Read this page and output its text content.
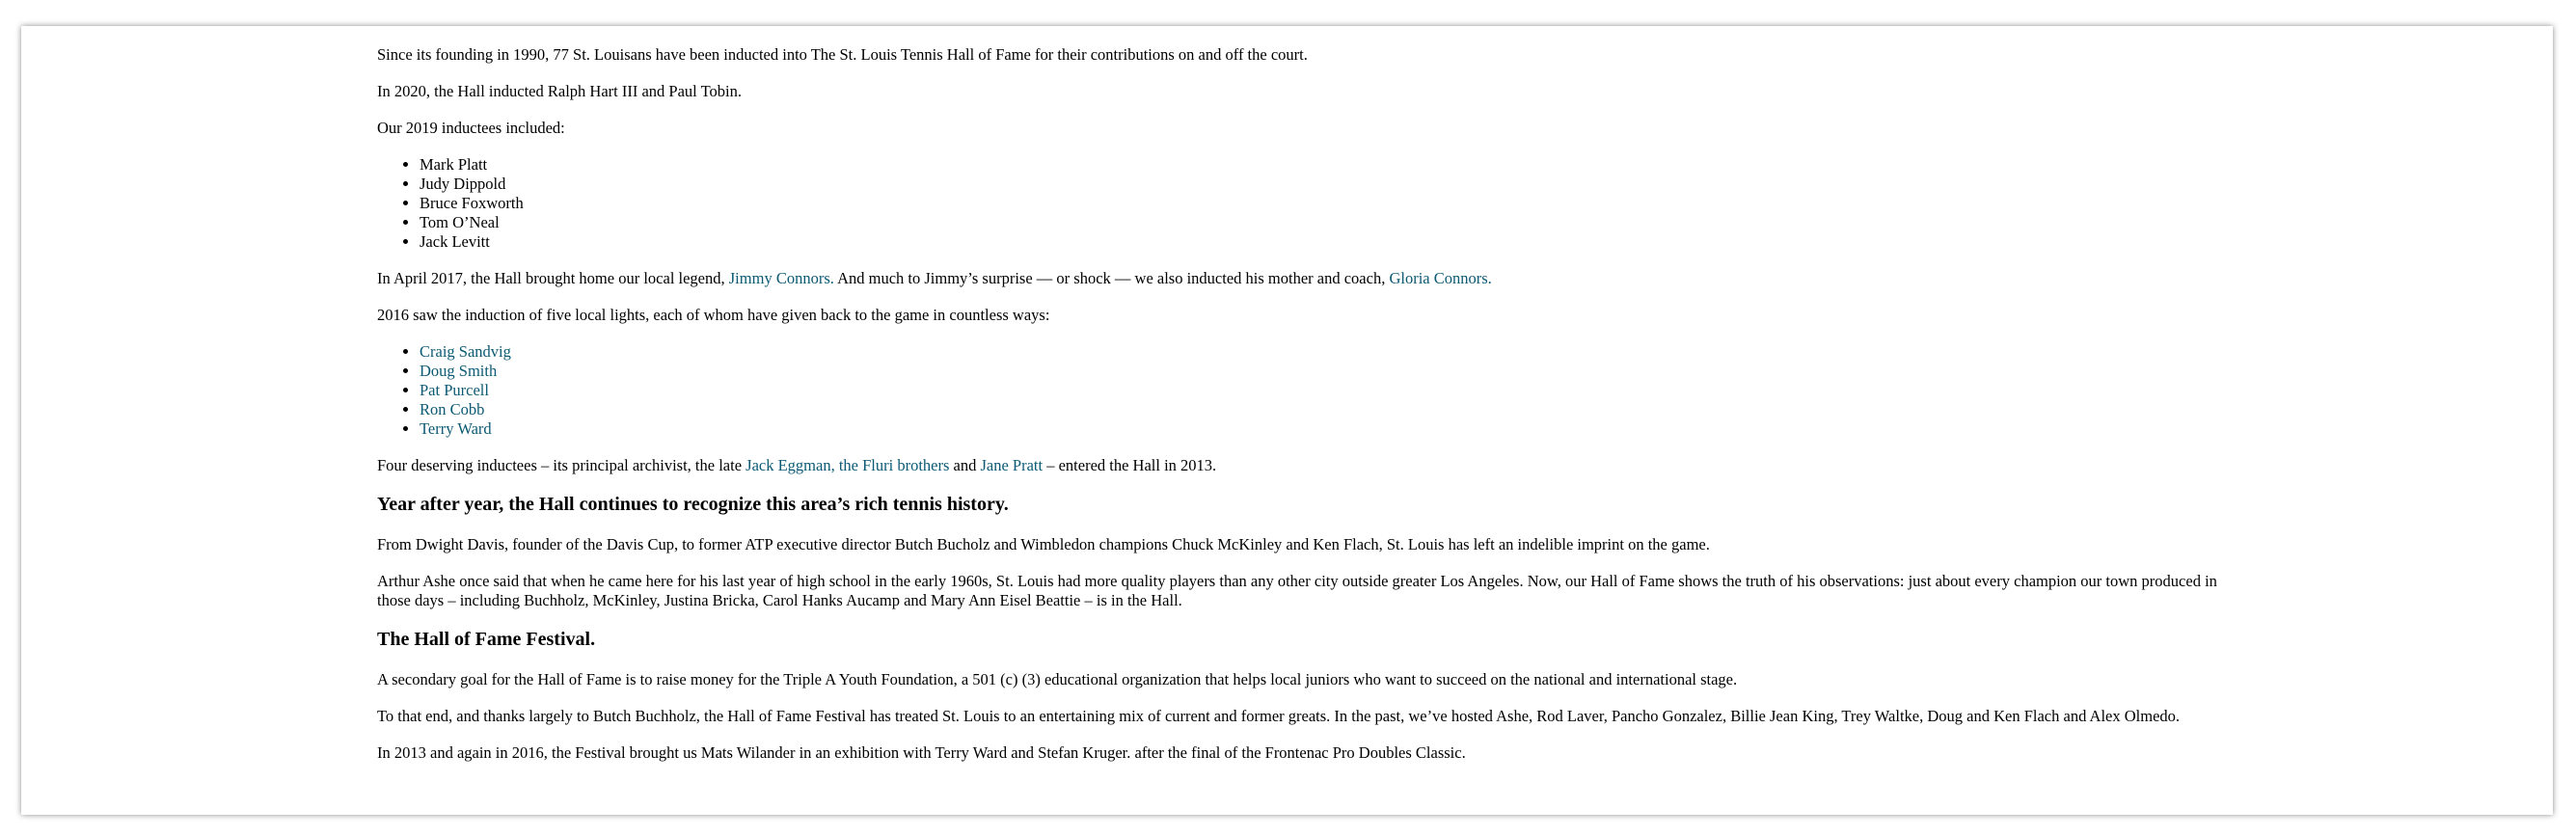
Since its founding in 1990, 77 St. Louisans have been inducted into The St. Louis Tennis Hall of Fame for their contributions on and off the court.

In 2020, the Hall inducted Ralph Hart III and Paul Tobin.

Our 2019 inductees included:

• Mark Platt
• Judy Dippold
• Bruce Foxworth
• Tom O’Neal
• Jack Levitt

In April 2017, the Hall brought home our local legend, Jimmy Connors. And much to Jimmy’s surprise — or shock — we also inducted his mother and coach, Gloria Connors.

2016 saw the induction of five local lights, each of whom have given back to the game in countless ways:

• Craig Sandvig
• Doug Smith
• Pat Purcell
• Ron Cobb
• Terry Ward

Four deserving inductees – its principal archivist, the late Jack Eggman, the Fluri brothers and Jane Pratt – entered the Hall in 2013.

Year after year, the Hall continues to recognize this area’s rich tennis history.

From Dwight Davis, founder of the Davis Cup, to former ATP executive director Butch Bucholz and Wimbledon champions Chuck McKinley and Ken Flach, St. Louis has left an indelible imprint on the game.

Arthur Ashe once said that when he came here for his last year of high school in the early 1960s, St. Louis had more quality players than any other city outside greater Los Angeles. Now, our Hall of Fame shows the truth of his observations: just about every champion our town produced in those days – including Buchholz, McKinley, Justina Bricka, Carol Hanks Aucamp and Mary Ann Eisel Beattie – is in the Hall.

The Hall of Fame Festival.

A secondary goal for the Hall of Fame is to raise money for the Triple A Youth Foundation, a 501 (c) (3) educational organization that helps local juniors who want to succeed on the national and international stage.

To that end, and thanks largely to Butch Buchholz, the Hall of Fame Festival has treated St. Louis to an entertaining mix of current and former greats. In the past, we’ve hosted Ashe, Rod Laver, Pancho Gonzalez, Billie Jean King, Trey Waltke, Doug and Ken Flach and Alex Olmedo.

In 2013 and again in 2016, the Festival brought us Mats Wilander in an exhibition with Terry Ward and Stefan Kruger. after the final of the Frontenac Pro Doubles Classic.
